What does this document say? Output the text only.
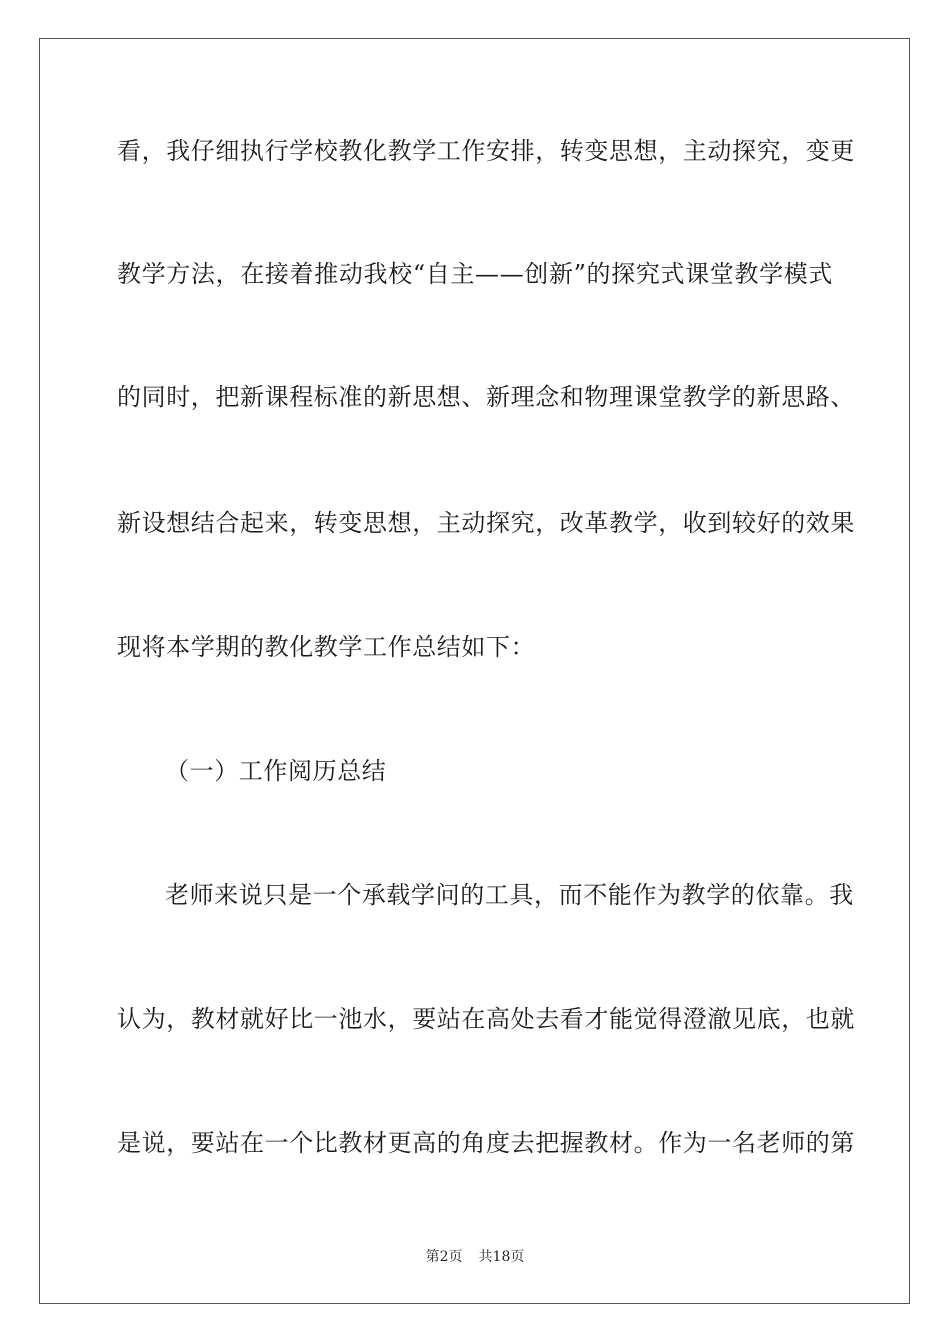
看，我仔细执行学校教化教学工作安排，转变思想，主动探究，变更
教学方法，在接着推动我校“自主——创新”的探究式课堂教学模式
的同时，把新课程标准的新思想、新理念和物理课堂教学的新思路、
新设想结合起来，转变思想，主动探究，改革教学，收到较好的效果
现将本学期的教化教学工作总结如下：
（一）工作阅历总结
老师来说只是一个承载学问的工具，而不能作为教学的依靠。我
认为，教材就好比一池水，要站在高处去看才能觉得澄澈见底，也就
是说，要站在一个比教材更高的角度去把握教材。作为一名老师的第
第2页 共18页
